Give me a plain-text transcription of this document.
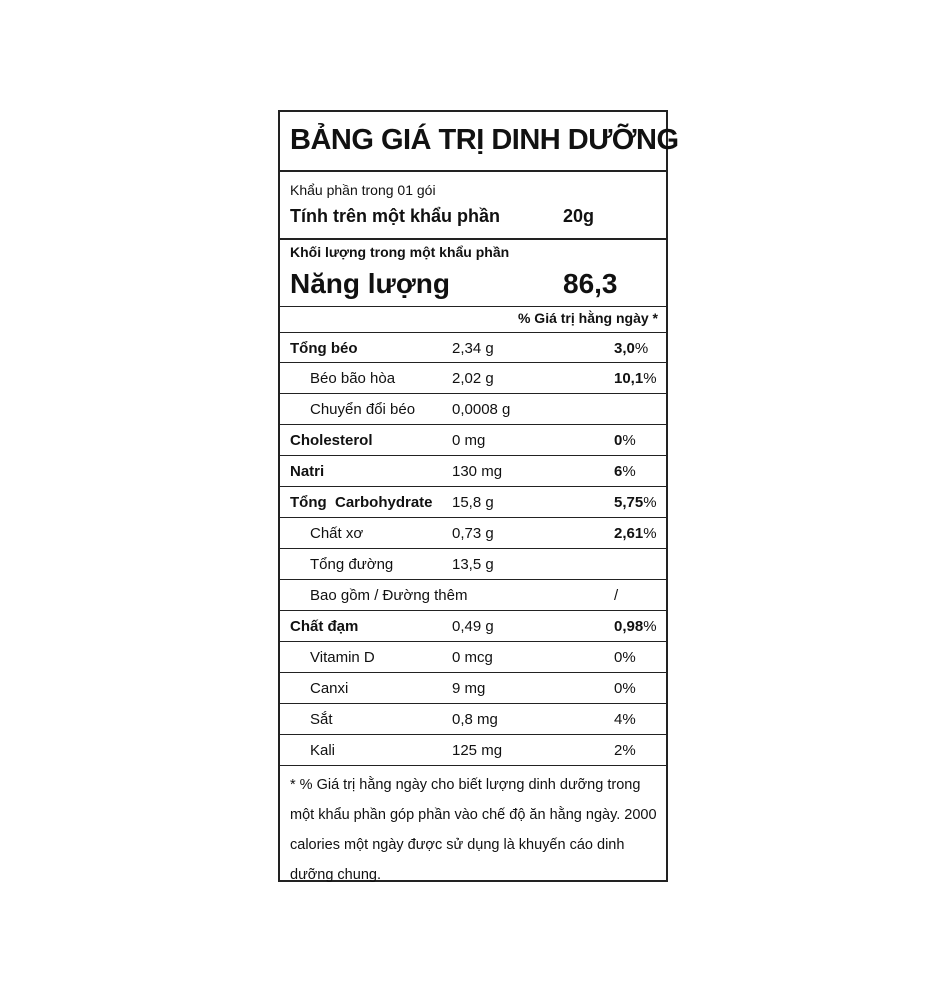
BẢNG GIÁ TRỊ DINH DƯỠNG
Khẩu phần trong 01 gói
Tính trên một khẩu phần	20g
Khối lượng trong một khẩu phần
Năng lượng	86,3
% Giá trị hằng ngày *
Tổng béo	2,34 g	3,0%
Béo bão hòa	2,02 g	10,1%
Chuyển đổi béo 0,0008 g
Cholesterol	0 mg	0%
Natri	130 mg	6%
Tổng  Carbohydrate 15,8 g	5,75%
Chất xơ	0,73 g	2,61%
Tổng đường	13,5 g
Bao gồm / Đường thêm	/
Chất đạm	0,49 g	0,98%
Vitamin D	0 mcg	0%
Canxi	9 mg	0%
Sắt	0,8 mg	4%
Kali	125 mg	2%
* % Giá trị hằng ngày cho biết lượng dinh dưỡng trong một khẩu phần góp phần vào chế độ ăn hằng ngày. 2000 calories một ngày được sử dụng là khuyến cáo dinh dưỡng chung.
